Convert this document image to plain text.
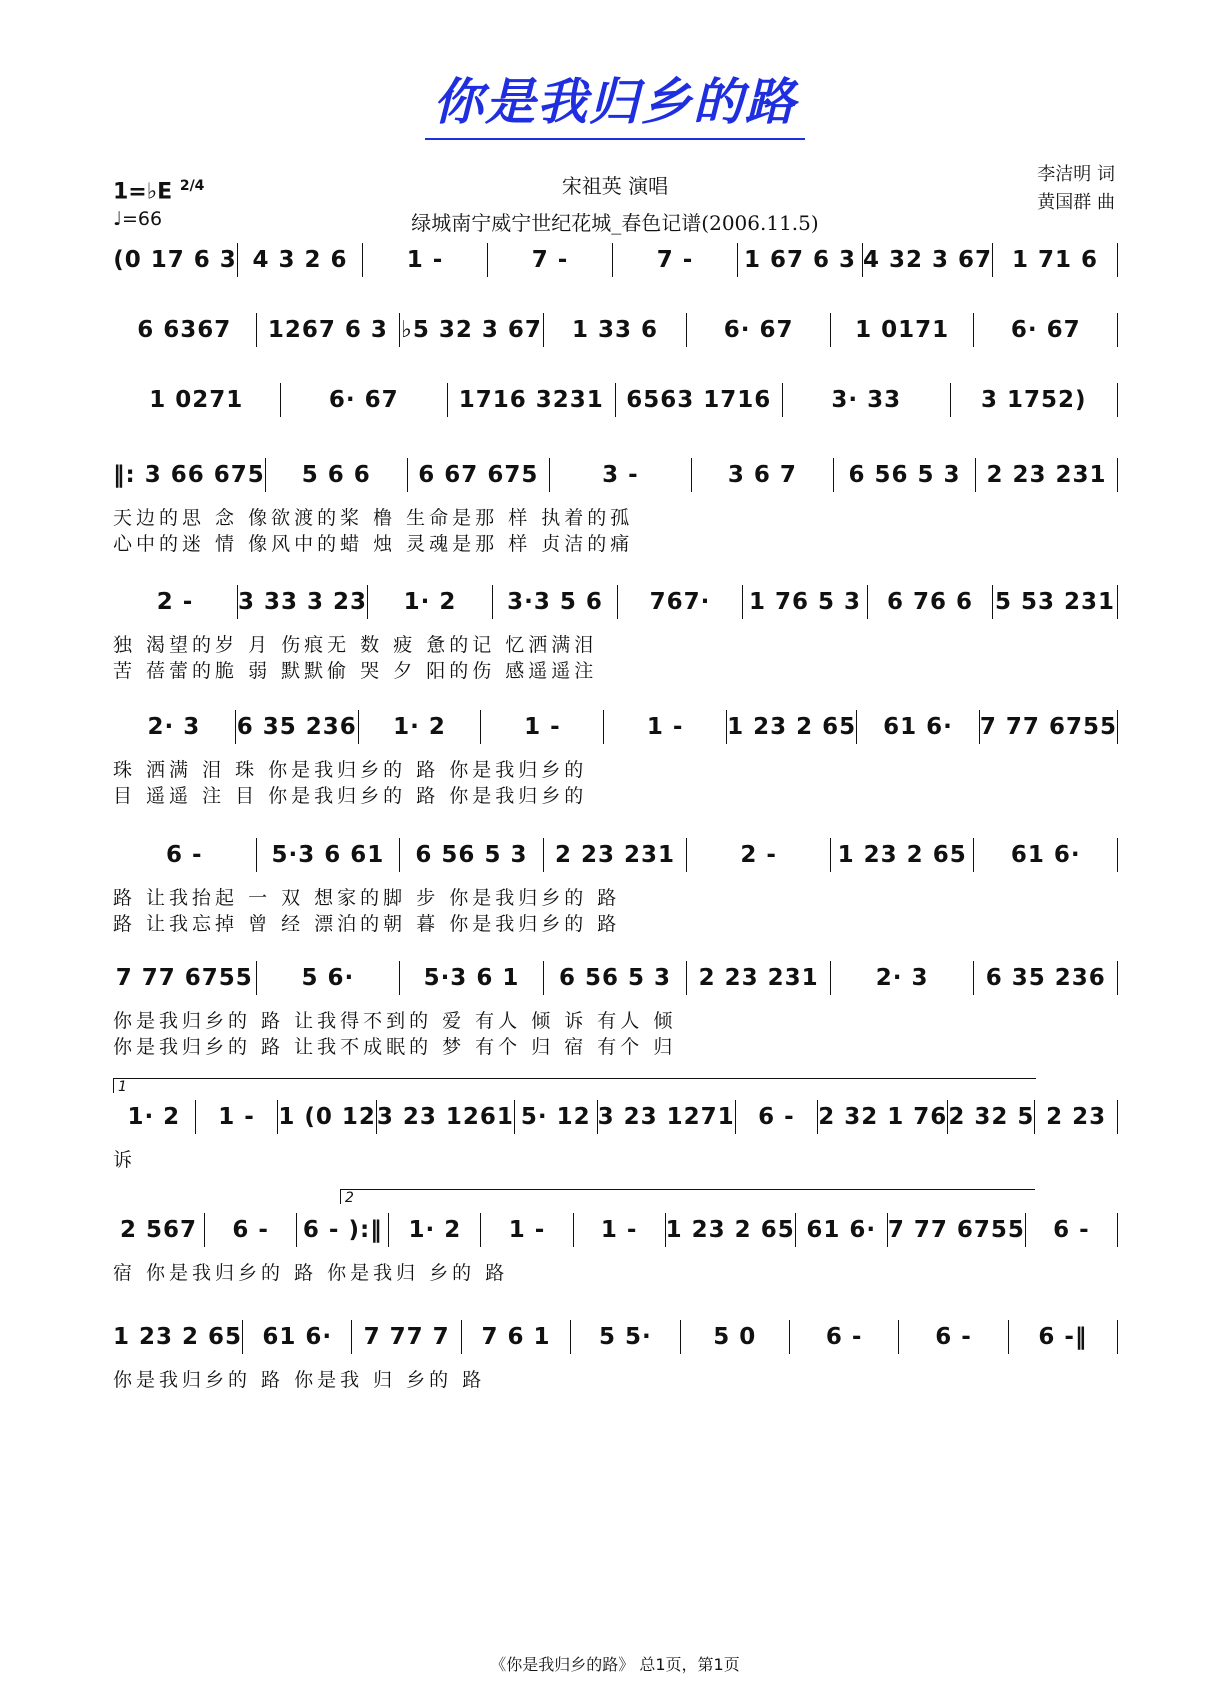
你是我归乡的路
1=♭E $^{2/4}$
♩=66
宋祖英 演唱
绿城南宁威宁世纪花城_春色记谱(2006.11.5)
李洁明 词
黄国群 曲
(0 17 6 3 4 3 2 6	1 -	7 -	7 -	1 67 6 3 4 32 3 67 1 71 6
6 6367	1267 6 3 ♭5 32 3 67	1 33 6	6· 67	1 0171	6· 67
1 0271	6· 67	1716 3231 6563 1716	3· 33	3 1752)
‖: 3 66 675	5 6 6	6 67 675	3 -	3 6 7	6 56 5 3	2 23 231
天边的思 念 像欲渡的桨 橹 生命是那 样 执着的孤
心中的迷 情 像风中的蜡 烛 灵魂是那 样 贞洁的痛
2 -	3 33 3 23	1· 2	3·3 5 6	767·	1 76 5 3	6 76 6 5 53 231
独 渴望的岁 月 伤痕无 数 疲 惫的记 忆洒满泪
苦 蓓蕾的脆 弱 默默偷 哭 夕 阳的伤 感遥遥注
2· 3	6 35 236	1· 2	1 -	1 -	1 23 2 65	61 6·	7 77 6755
珠 洒满 泪 珠 你是我归乡的 路 你是我归乡的
目 遥遥 注 目 你是我归乡的 路 你是我归乡的
6 -	5·3 6 61	6 56 5 3	2 23 231	2 -	1 23 2 65	61 6·
路 让我抬起 一 双 想家的脚 步 你是我归乡的 路
路 让我忘掉 曾 经 漂泊的朝 暮 你是我归乡的 路
7 77 6755	5 6·	5·3 6 1	6 56 5 3	2 23 231	2· 3	6 35 236
你是我归乡的 路 让我得不到的 爱 有人 倾 诉 有人 倾
你是我归乡的 路 让我不成眠的 梦 有个 归 宿 有个 归
1· 2	1 -	1 (0 12 3 23 1261 5· 12 3 23 1271	6 -	2 32 1 76 2 32 5 2 23
诉
2 567	6 -	6 - ):‖	1· 2	1 -	1 -	1 23 2 65 61 6· 7 77 6755	6 -
宿 你是我归乡的 路 你是我归 乡的 路
1 23 2 65 61 6·	7 77 7	7 6 1	5 5·	5 0	6 -	6 -	6 -‖
你是我归乡的 路 你是我 归 乡的 路
1
2
《你是我归乡的路》 总1页，第1页
